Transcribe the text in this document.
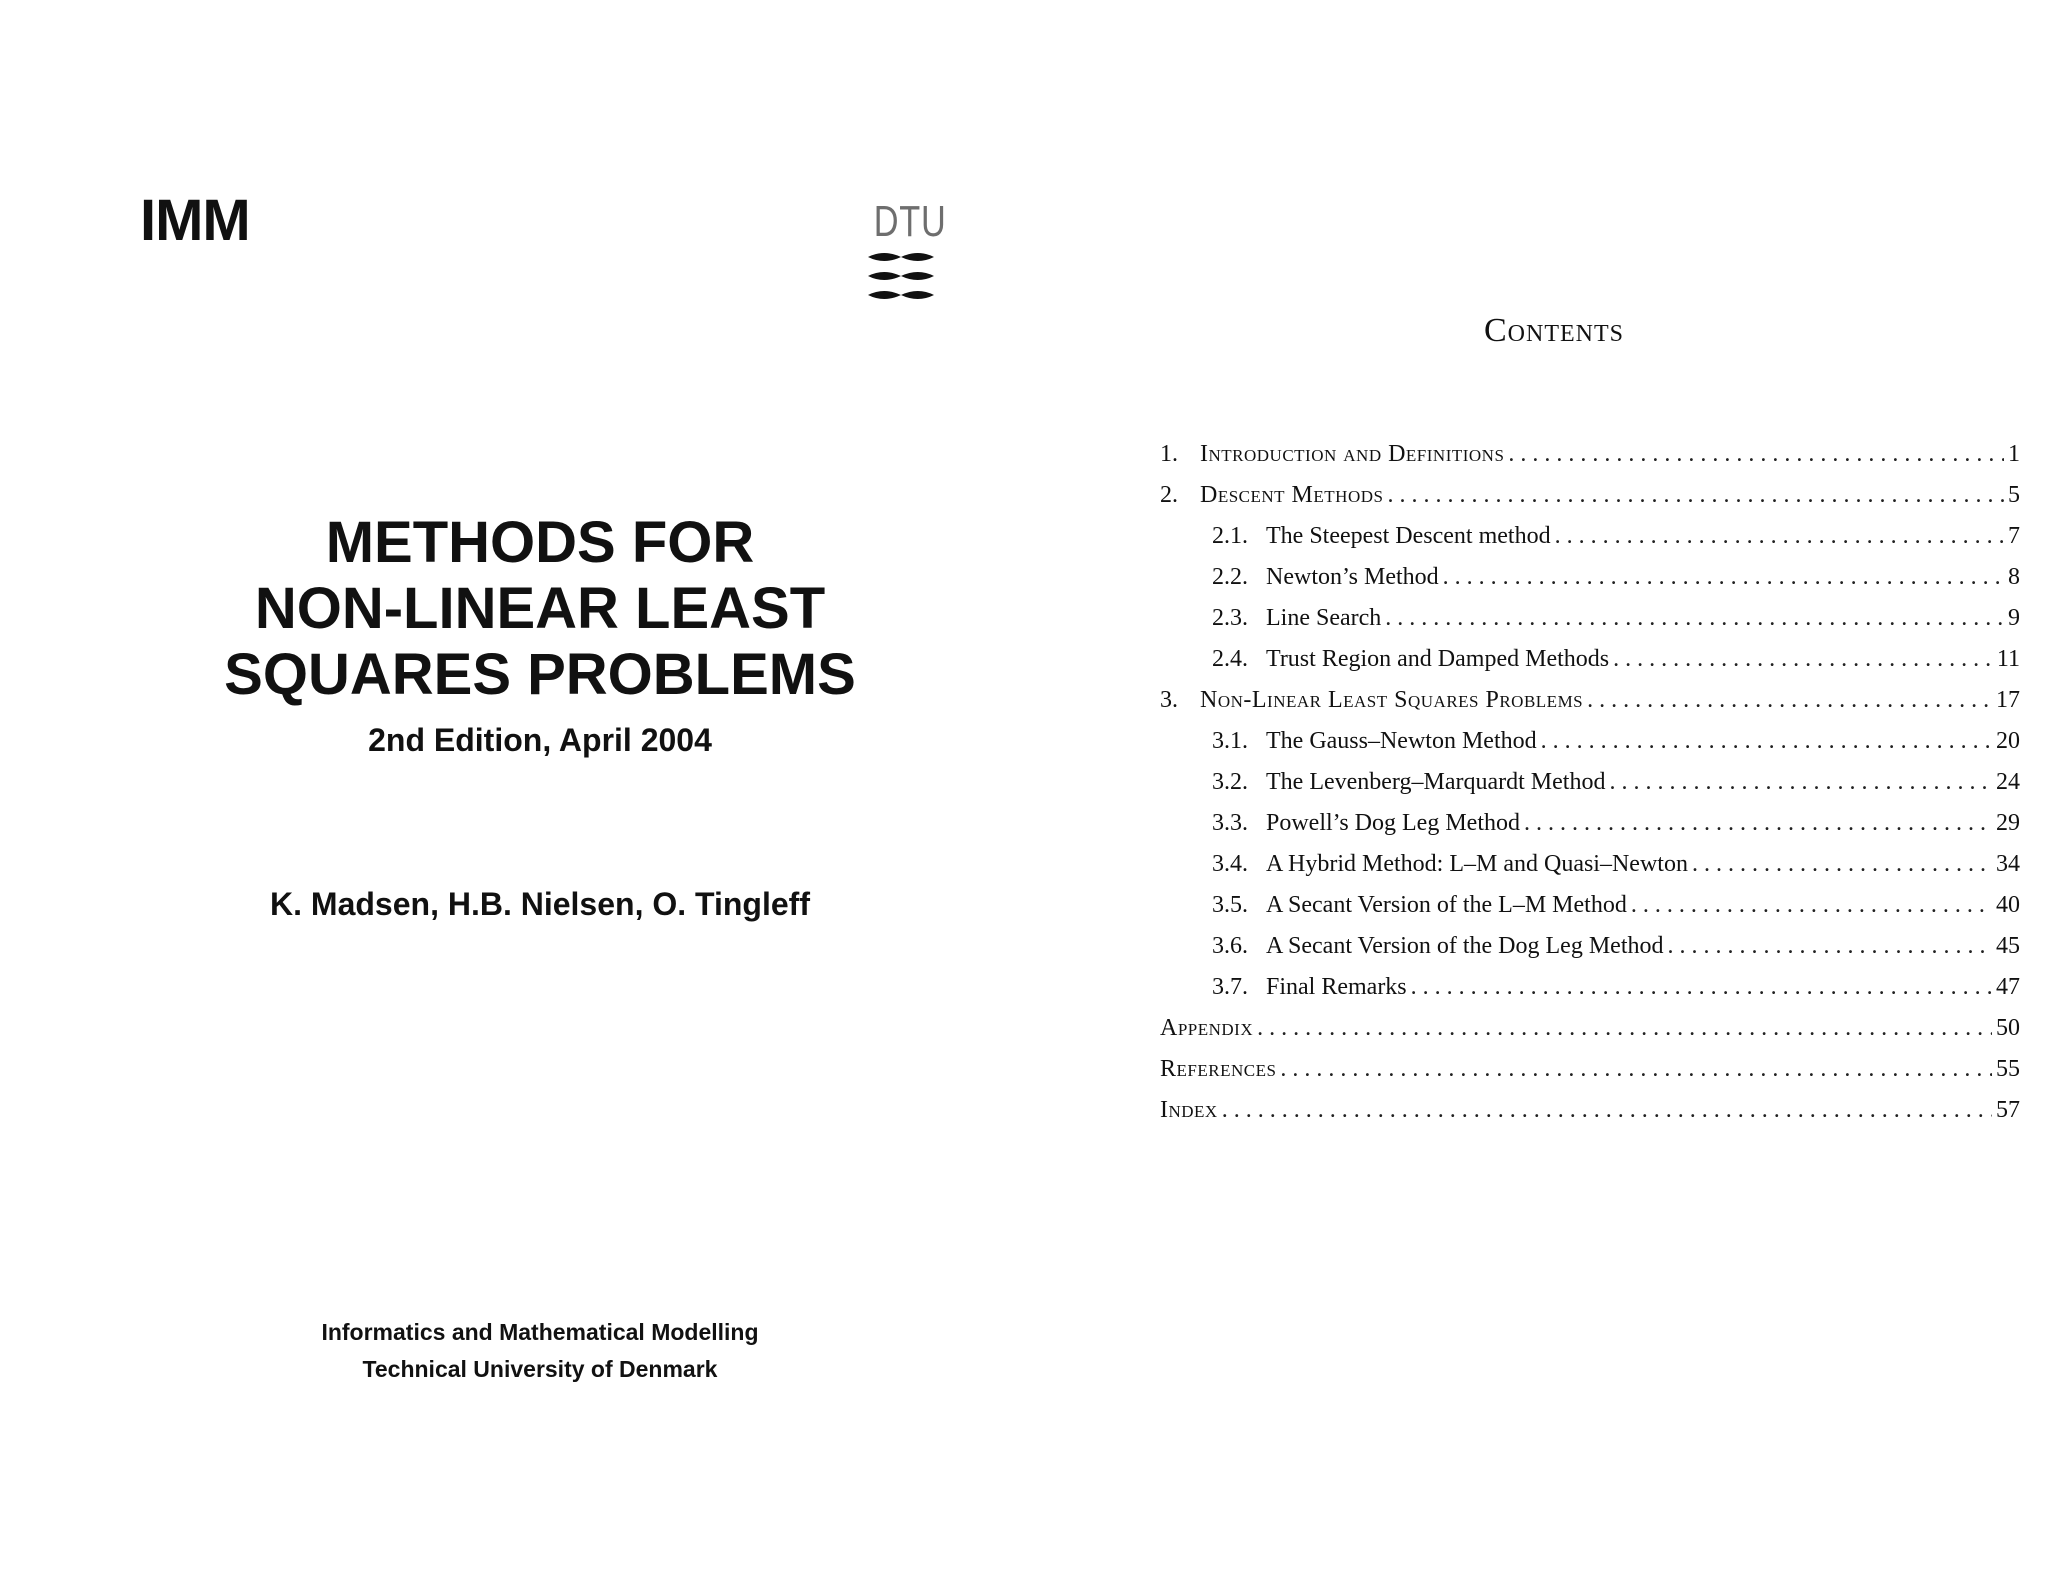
IMM	DTU
METHODS FOR
NON-LINEAR LEAST
SQUARES PROBLEMS
2nd Edition, April 2004
K. Madsen, H.B. Nielsen, O. Tingleff
Informatics and Mathematical Modelling
Technical University of Denmark
Contents
1. Introduction and Definitions . . .	1
2. Descent Methods . . .	5
2.1. The Steepest Descent method . . .	7
2.2. Newton’s Method . . .	8
2.3. Line Search . . .	9
2.4. Trust Region and Damped Methods . . .	11
3. Non-Linear Least Squares Problems . . .	17
3.1. The Gauss–Newton Method . . .	20
3.2. The Levenberg–Marquardt Method . . .	24
3.3. Powell’s Dog Leg Method . . .	29
3.4. A Hybrid Method: L–M and Quasi–Newton . . .	34
3.5. A Secant Version of the L–M Method . . .	40
3.6. A Secant Version of the Dog Leg Method . . .	45
3.7. Final Remarks . . .	47
Appendix . . .	50
References . . .	55
Index . . .	57
